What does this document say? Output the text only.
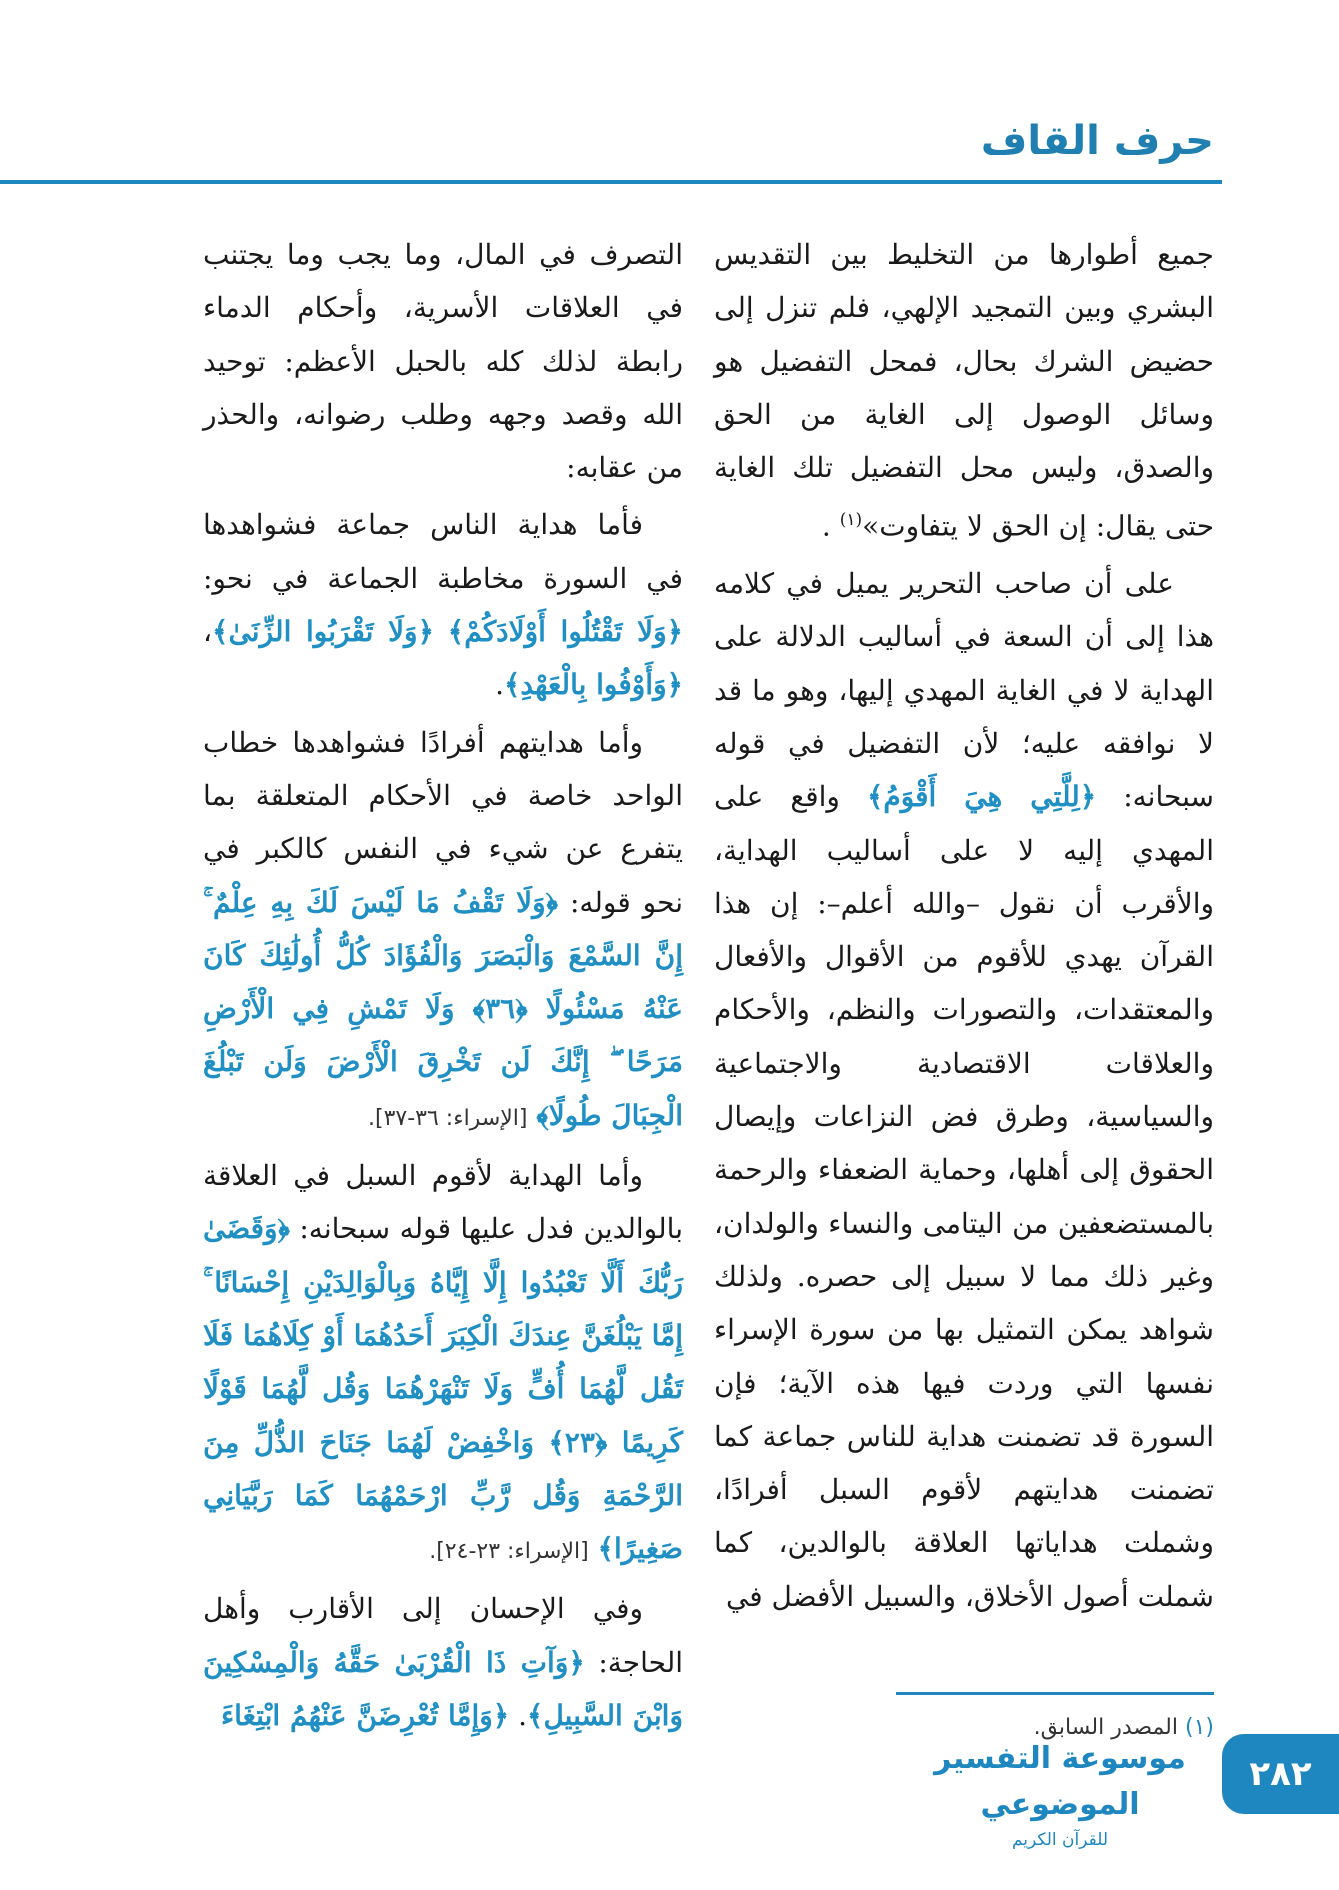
حرف القاف

جميع أطوارها من التخليط بين التقديس البشري وبين التمجيد الإلهي، فلم تنزل إلى حضيض الشرك بحال، فمحل التفضيل هو وسائل الوصول إلى الغاية من الحق والصدق، وليس محل التفضيل تلك الغاية حتى يقال: إن الحق لا يتفاوت»$^{(١)}$ .

على أن صاحب التحرير يميل في كلامه هذا إلى أن السعة في أساليب الدلالة على الهداية لا في الغاية المهدي إليها، وهو ما قد لا نوافقه عليه؛ لأن التفضيل في قوله سبحانه: ﴿لِلَّتِي هِيَ أَقْوَمُ﴾ واقع على المهدي إليه لا على أساليب الهداية، والأقرب أن نقول –والله أعلم–: إن هذا القرآن يهدي للأقوم من الأقوال والأفعال والمعتقدات، والتصورات والنظم، والأحكام والعلاقات الاقتصادية والاجتماعية والسياسية، وطرق فض النزاعات وإيصال الحقوق إلى أهلها، وحماية الضعفاء والرحمة بالمستضعفين من اليتامى والنساء والولدان، وغير ذلك مما لا سبيل إلى حصره. ولذلك شواهد يمكن التمثيل بها من سورة الإسراء نفسها التي وردت فيها هذه الآية؛ فإن السورة قد تضمنت هداية للناس جماعة كما تضمنت هدايتهم لأقوم السبل أفرادًا، وشملت هداياتها العلاقة بالوالدين، كما شملت أصول الأخلاق، والسبيل الأفضل في

التصرف في المال، وما يجب وما يجتنب في العلاقات الأسرية، وأحكام الدماء رابطة لذلك كله بالحبل الأعظم: توحيد الله وقصد وجهه وطلب رضوانه، والحذر من عقابه:

فأما هداية الناس جماعة فشواهدها في السورة مخاطبة الجماعة في نحو: ﴿وَلَا تَقْتُلُوا أَوْلَادَكُمْ﴾ ﴿وَلَا تَقْرَبُوا الزِّنَىٰ﴾، ﴿وَأَوْفُوا بِالْعَهْدِ﴾.

وأما هدايتهم أفرادًا فشواهدها خطاب الواحد خاصة في الأحكام المتعلقة بما يتفرع عن شيء في النفس كالكبر في نحو قوله: ﴿وَلَا تَقْفُ مَا لَيْسَ لَكَ بِهِ عِلْمٌ ۚ إِنَّ السَّمْعَ وَالْبَصَرَ وَالْفُؤَادَ كُلُّ أُولَٰئِكَ كَانَ عَنْهُ مَسْئُولًا ﴿٣٦﴾ وَلَا تَمْشِ فِي الْأَرْضِ مَرَحًا ۖ إِنَّكَ لَن تَخْرِقَ الْأَرْضَ وَلَن تَبْلُغَ الْجِبَالَ طُولًا﴾ [الإسراء: ٣٦-٣٧].

وأما الهداية لأقوم السبل في العلاقة بالوالدين فدل عليها قوله سبحانه: ﴿وَقَضَىٰ رَبُّكَ أَلَّا تَعْبُدُوا إِلَّا إِيَّاهُ وَبِالْوَالِدَيْنِ إِحْسَانًا ۚ إِمَّا يَبْلُغَنَّ عِندَكَ الْكِبَرَ أَحَدُهُمَا أَوْ كِلَاهُمَا فَلَا تَقُل لَّهُمَا أُفٍّ وَلَا تَنْهَرْهُمَا وَقُل لَّهُمَا قَوْلًا كَرِيمًا ﴿٢٣﴾ وَاخْفِضْ لَهُمَا جَنَاحَ الذُّلِّ مِنَ الرَّحْمَةِ وَقُل رَّبِّ ارْحَمْهُمَا كَمَا رَبَّيَانِي صَغِيرًا﴾ [الإسراء: ٢٣-٢٤].

وفي الإحسان إلى الأقارب وأهل الحاجة: ﴿وَآتِ ذَا الْقُرْبَىٰ حَقَّهُ وَالْمِسْكِينَ وَابْنَ السَّبِيلِ﴾. ﴿وَإِمَّا تُعْرِضَنَّ عَنْهُمُ ابْتِغَاءَ	(١) المصدر السابق.
موسوعة التفسير الموضوعي
للقرآن الكريم
٢٨٢
